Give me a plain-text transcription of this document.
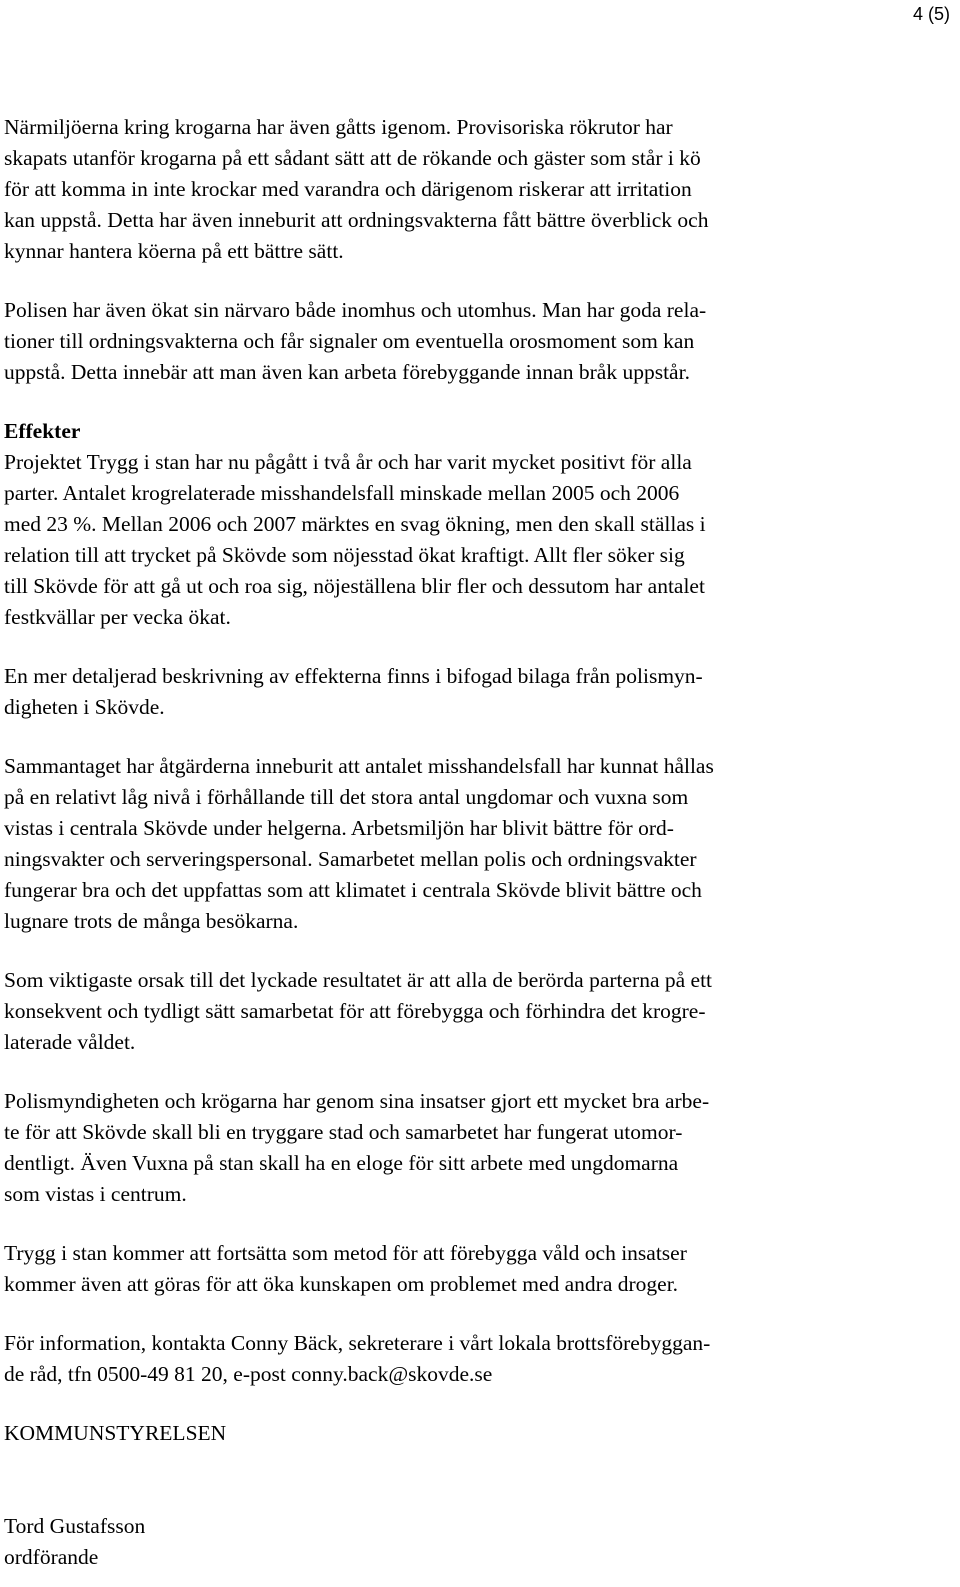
4 (5)

Närmiljöerna kring krogarna har även gåtts igenom. Provisoriska rökrutor har
skapats utanför krogarna på ett sådant sätt att de rökande och gäster som står i kö
för att komma in inte krockar med varandra och därigenom riskerar att irritation
kan uppstå. Detta har även inneburit att ordningsvakterna fått bättre överblick och
kynnar hantera köerna på ett bättre sätt.

Polisen har även ökat sin närvaro både inomhus och utomhus. Man har goda rela-
tioner till ordningsvakterna och får signaler om eventuella orosmoment som kan
uppstå. Detta innebär att man även kan arbeta förebyggande innan bråk uppstår.

Effekter

Projektet Trygg i stan har nu pågått i två år och har varit mycket positivt för alla
parter. Antalet krogrelaterade misshandelsfall minskade mellan 2005 och 2006
med 23 %. Mellan 2006 och 2007 märktes en svag ökning, men den skall ställas i
relation till att trycket på Skövde som nöjesstad ökat kraftigt. Allt fler söker sig
till Skövde för att gå ut och roa sig, nöjeställena blir fler och dessutom har antalet
festkvällar per vecka ökat.

En mer detaljerad beskrivning av effekterna finns i bifogad bilaga från polismyn-
digheten i Skövde.

Sammantaget har åtgärderna inneburit att antalet misshandelsfall har kunnat hållas
på en relativt låg nivå i förhållande till det stora antal ungdomar och vuxna som
vistas i centrala Skövde under helgerna. Arbetsmiljön har blivit bättre för ord-
ningsvakter och serveringspersonal. Samarbetet mellan polis och ordningsvakter
fungerar bra och det uppfattas som att klimatet i centrala Skövde blivit bättre och
lugnare trots de många besökarna.

Som viktigaste orsak till det lyckade resultatet är att alla de berörda parterna på ett
konsekvent och tydligt sätt samarbetat för att förebygga och förhindra det krogre-
laterade våldet.

Polismyndigheten och krögarna har genom sina insatser gjort ett mycket bra arbe-
te för att Skövde skall bli en tryggare stad och samarbetet har fungerat utomor-
dentligt. Även Vuxna på stan skall ha en eloge för sitt arbete med ungdomarna
som vistas i centrum.

Trygg i stan kommer att fortsätta som metod för att förebygga våld och insatser
kommer även att göras för att öka kunskapen om problemet med andra droger.

För information, kontakta Conny Bäck, sekreterare i vårt lokala brottsförebyggan-
de råd, tfn 0500-49 81 20, e-post conny.back@skovde.se

KOMMUNSTYRELSEN

Tord Gustafsson
ordförande
